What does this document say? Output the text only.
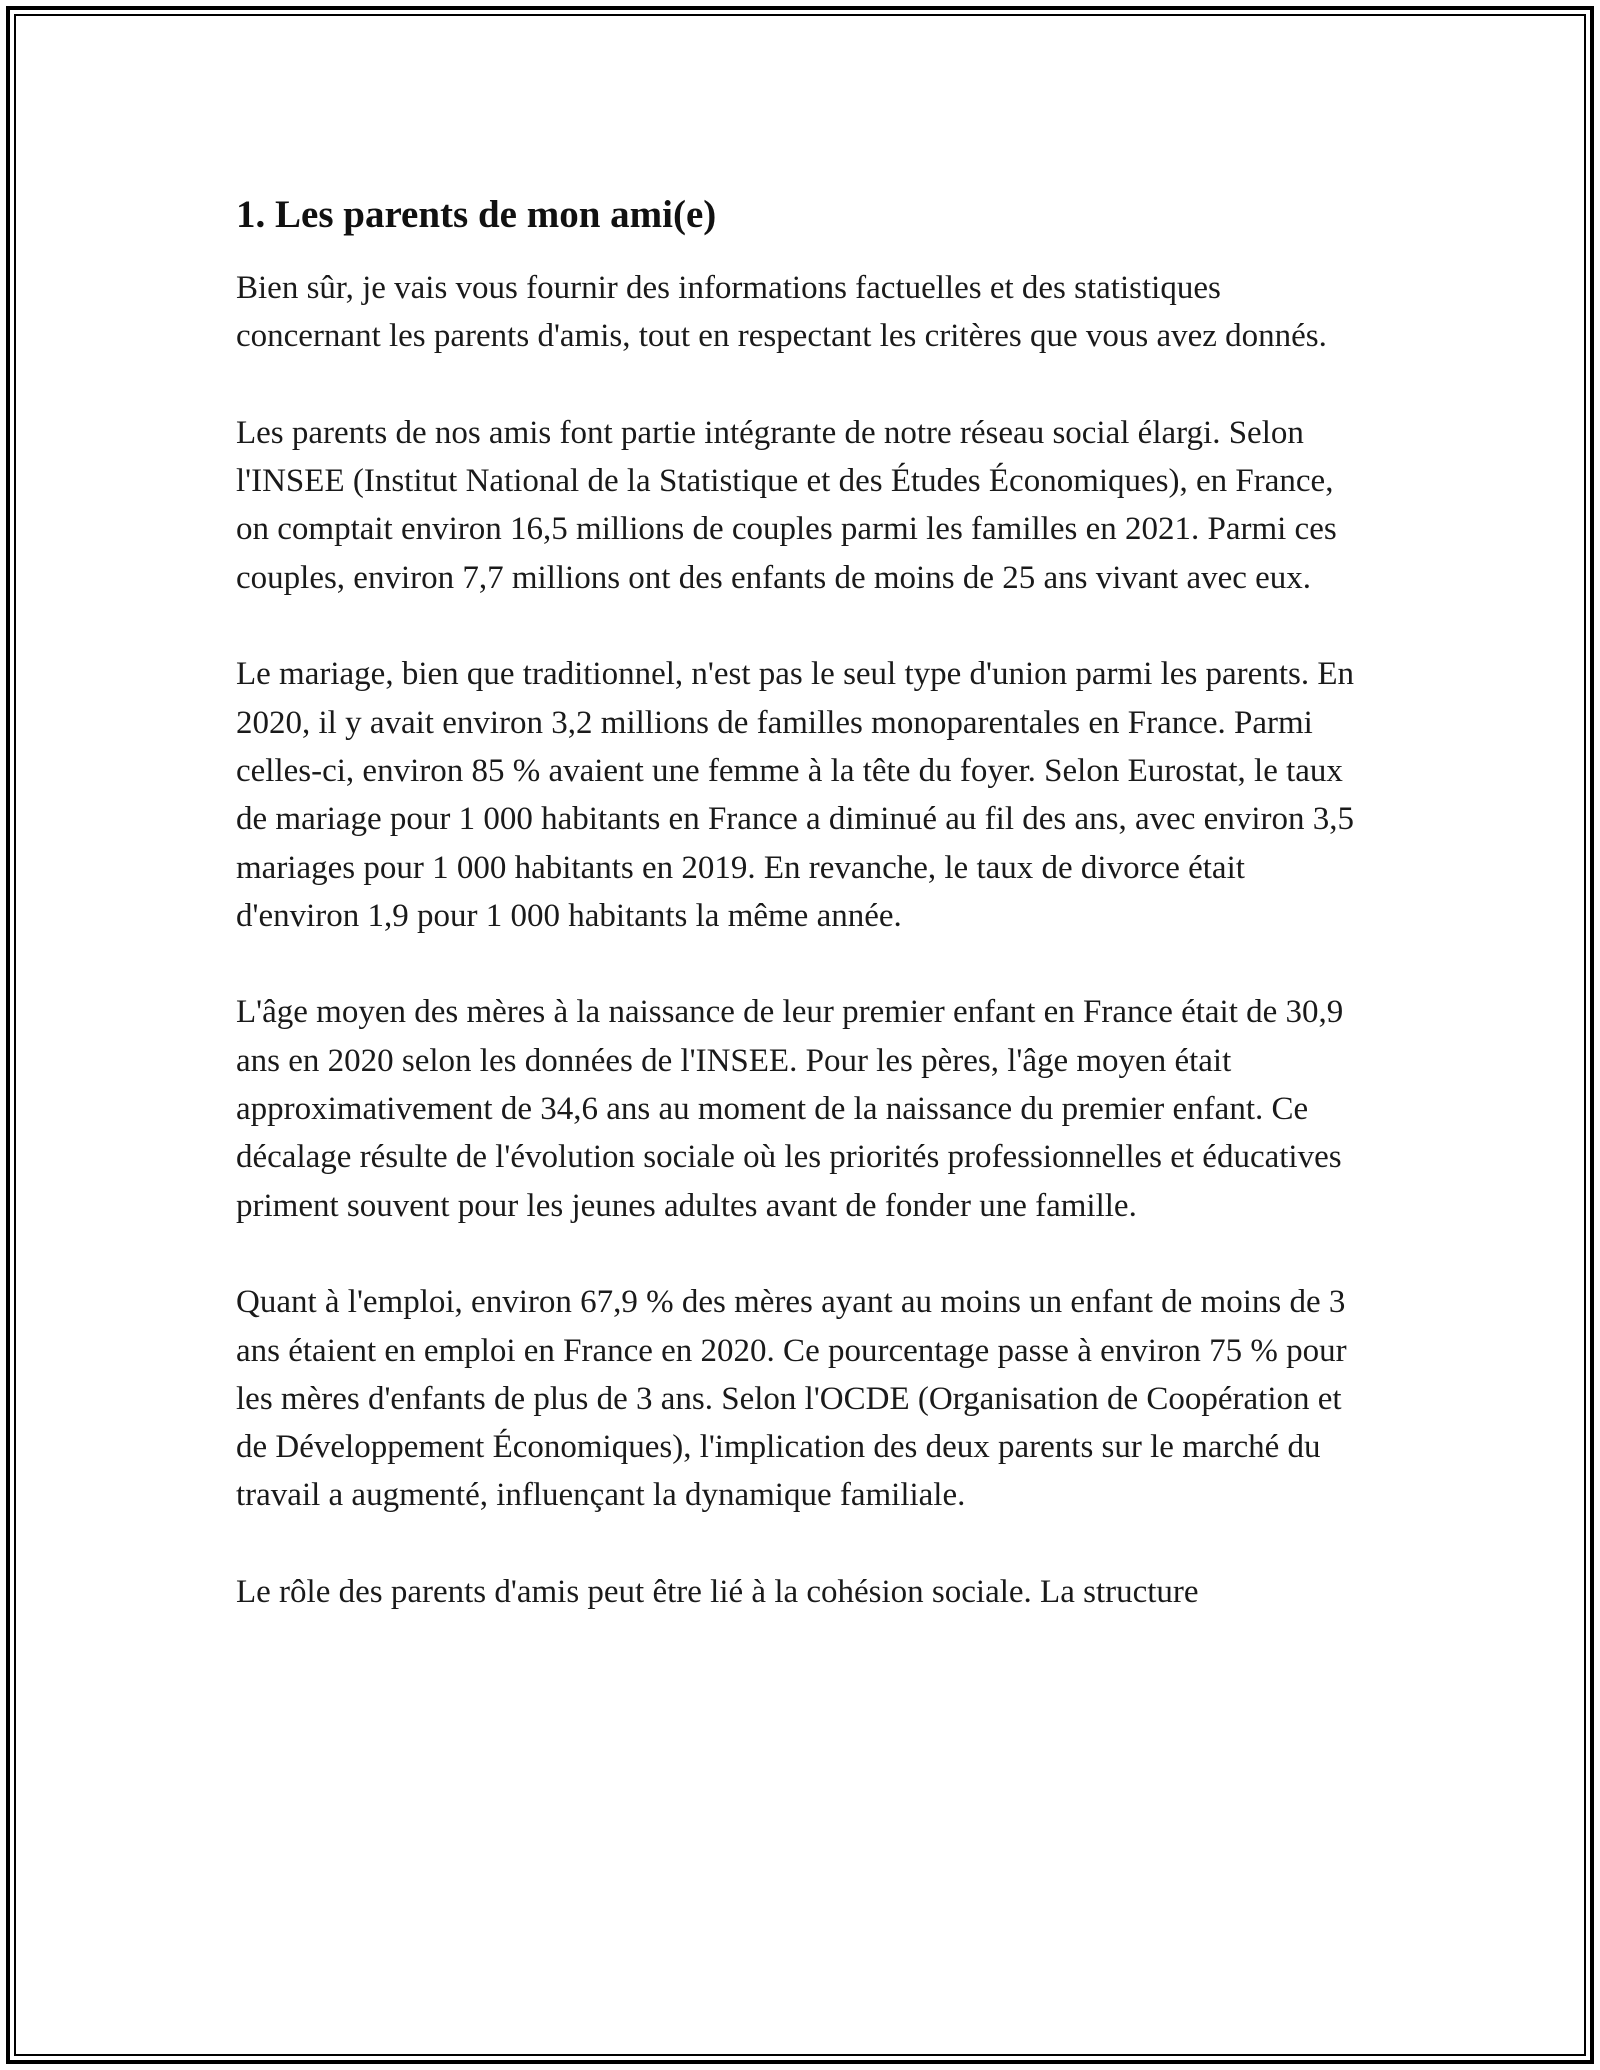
1. Les parents de mon ami(e)

Bien sûr, je vais vous fournir des informations factuelles et des statistiques concernant les parents d'amis, tout en respectant les critères que vous avez donnés.

Les parents de nos amis font partie intégrante de notre réseau social élargi. Selon l'INSEE (Institut National de la Statistique et des Études Économiques), en France, on comptait environ 16,5 millions de couples parmi les familles en 2021. Parmi ces couples, environ 7,7 millions ont des enfants de moins de 25 ans vivant avec eux.

Le mariage, bien que traditionnel, n'est pas le seul type d'union parmi les parents. En 2020, il y avait environ 3,2 millions de familles monoparentales en France. Parmi celles-ci, environ 85 % avaient une femme à la tête du foyer. Selon Eurostat, le taux de mariage pour 1 000 habitants en France a diminué au fil des ans, avec environ 3,5 mariages pour 1 000 habitants en 2019. En revanche, le taux de divorce était d'environ 1,9 pour 1 000 habitants la même année.

L'âge moyen des mères à la naissance de leur premier enfant en France était de 30,9 ans en 2020 selon les données de l'INSEE. Pour les pères, l'âge moyen était approximativement de 34,6 ans au moment de la naissance du premier enfant. Ce décalage résulte de l'évolution sociale où les priorités professionnelles et éducatives priment souvent pour les jeunes adultes avant de fonder une famille.

Quant à l'emploi, environ 67,9 % des mères ayant au moins un enfant de moins de 3 ans étaient en emploi en France en 2020. Ce pourcentage passe à environ 75 % pour les mères d'enfants de plus de 3 ans. Selon l'OCDE (Organisation de Coopération et de Développement Économiques), l'implication des deux parents sur le marché du travail a augmenté, influençant la dynamique familiale.

Le rôle des parents d'amis peut être lié à la cohésion sociale. La structure
